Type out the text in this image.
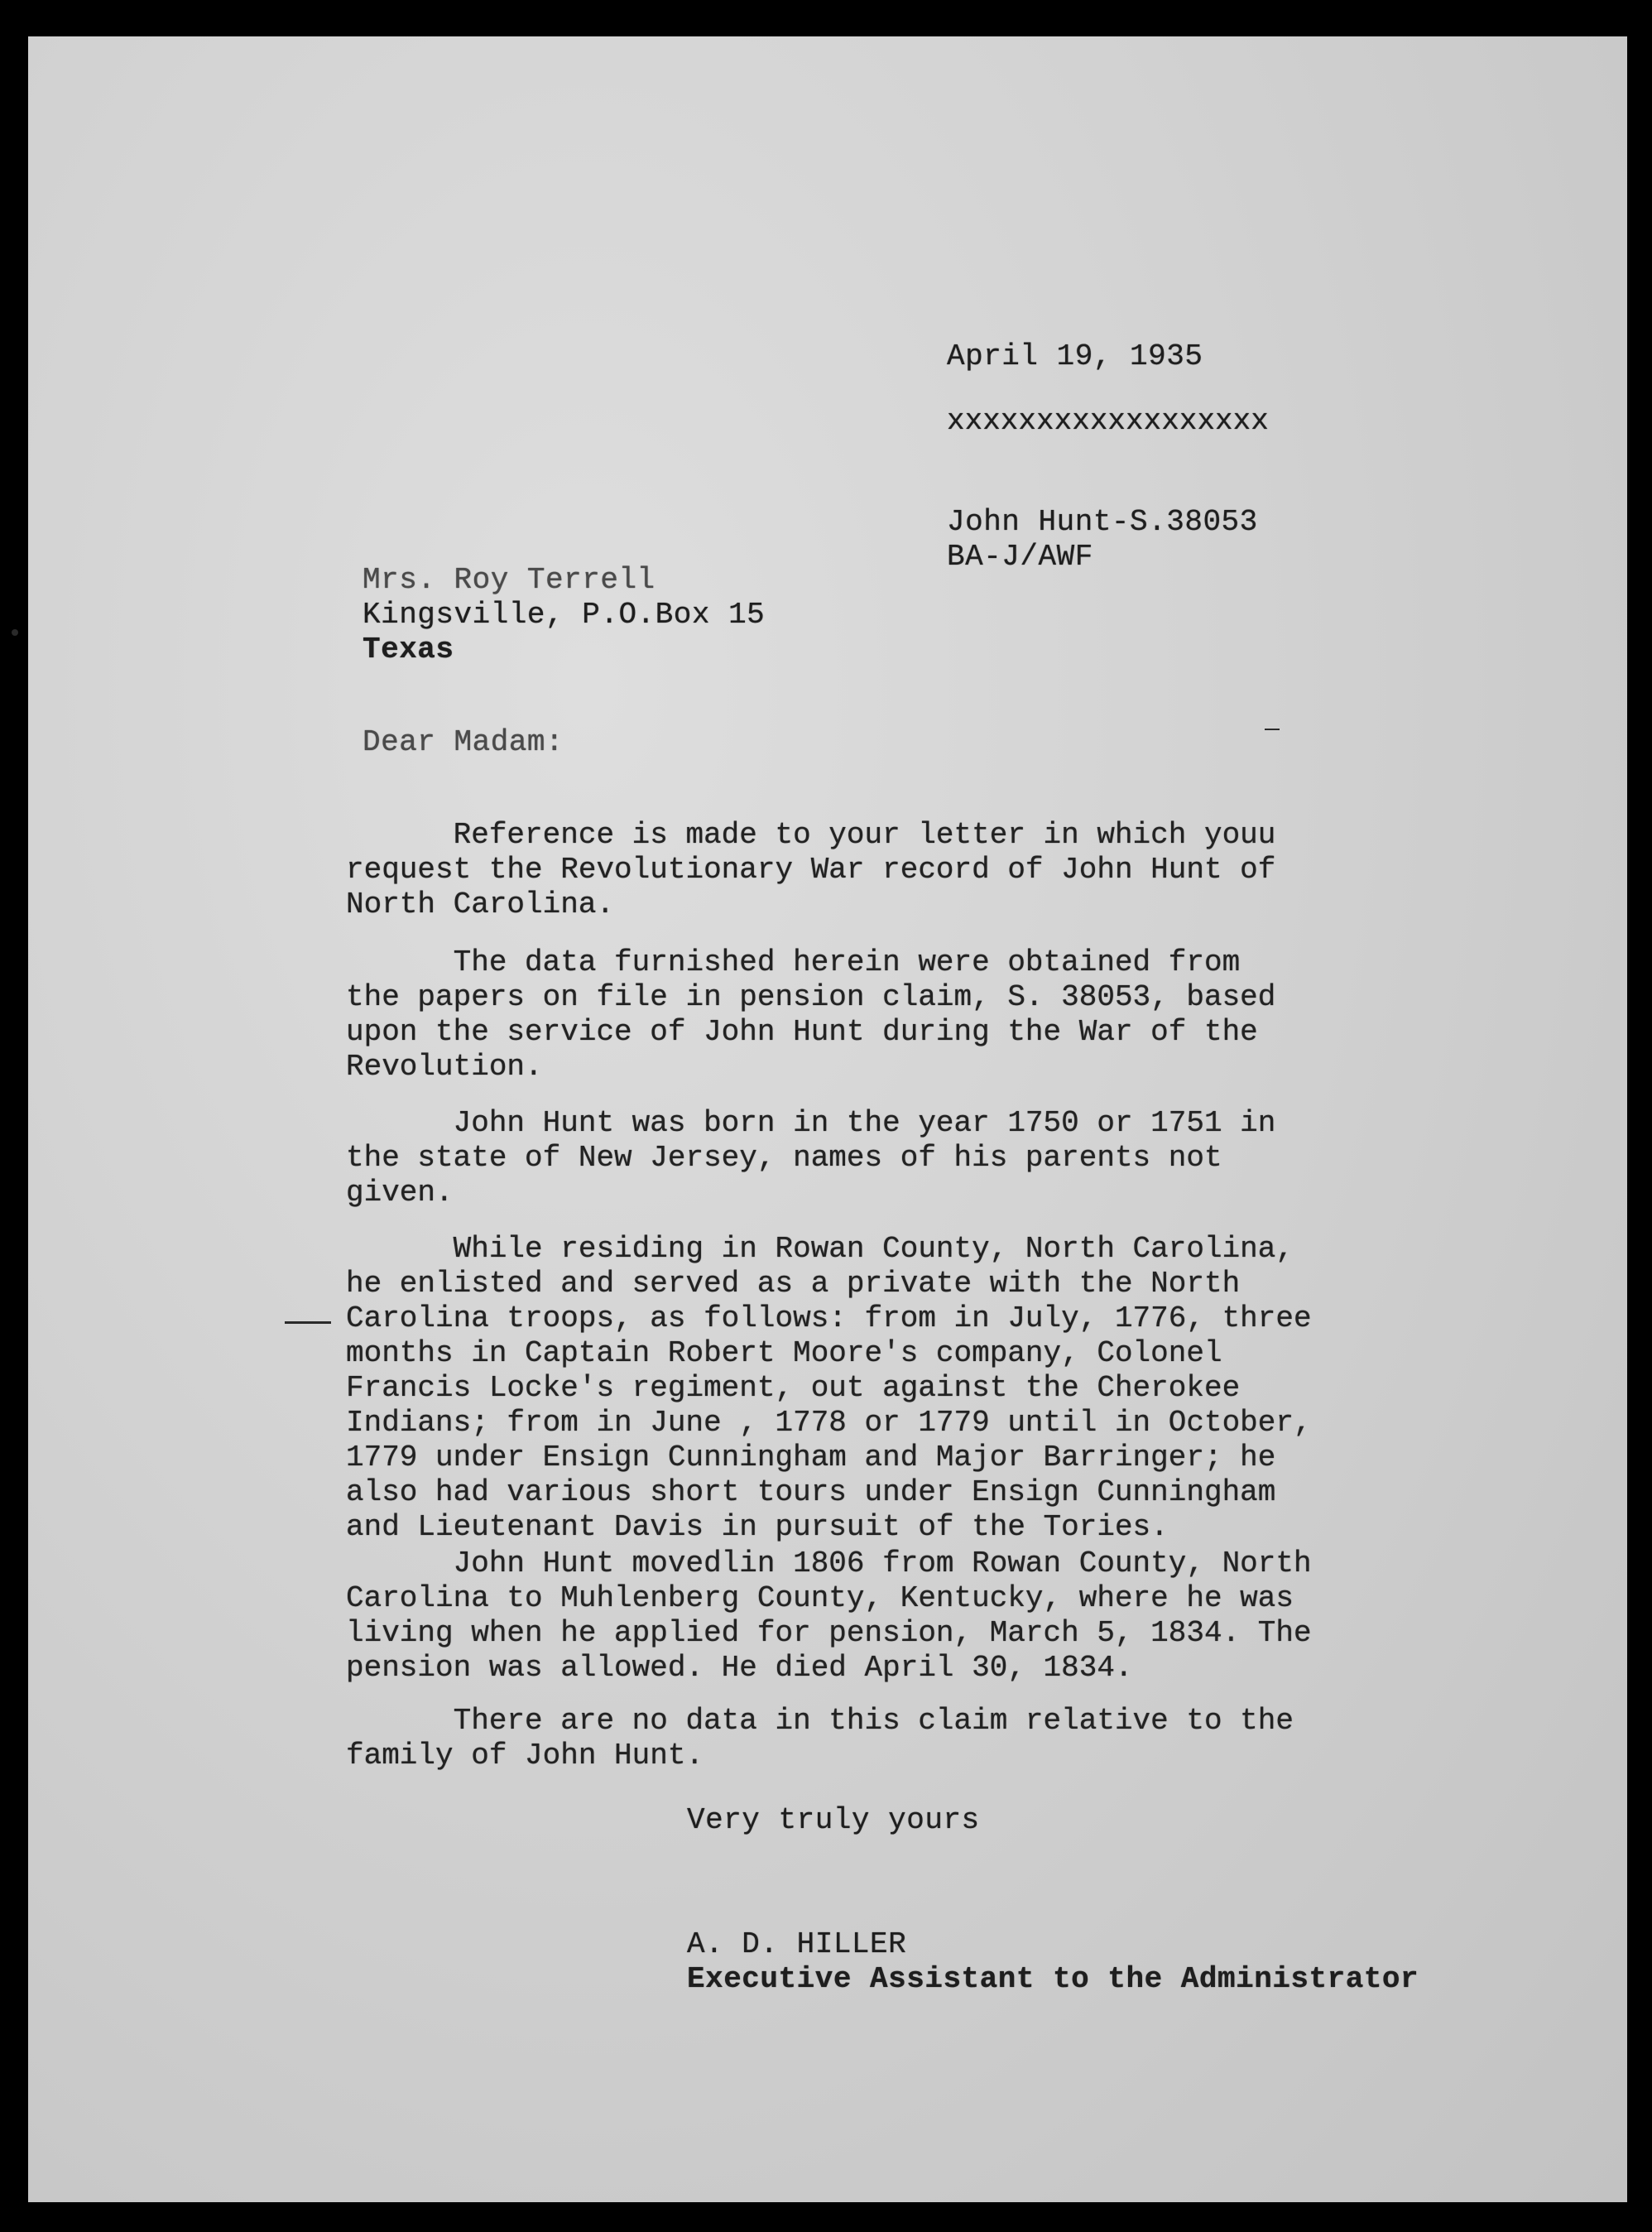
April 19, 1935
xxxxxxxxxxxxxxxxxx
John Hunt-S.38053
BA-J/AWF
Mrs. Roy Terrell
Kingsville, P.O.Box 15
Texas
Dear Madam:
Reference is made to your letter in which youu
request the Revolutionary War record of John Hunt of
North Carolina.
The data furnished herein were obtained from
the papers on file in pension claim, S. 38053, based
upon the service of John Hunt during the War of the
Revolution.
John Hunt was born in the year 1750 or 1751 in
the state of New Jersey, names of his parents not
given.
While residing in Rowan County, North Carolina,
he enlisted and served as a private with the North
Carolina troops, as follows: from in July, 1776, three
months in Captain Robert Moore's company, Colonel
Francis Locke's regiment, out against the Cherokee
Indians; from in June , 1778 or 1779 until in October,
1779 under Ensign Cunningham and Major Barringer; he
also had various short tours under Ensign Cunningham
and Lieutenant Davis in pursuit of the Tories.
John Hunt movedlin 1806 from Rowan County, North
Carolina to Muhlenberg County, Kentucky, where he was
living when he applied for pension, March 5, 1834. The
pension was allowed. He died April 30, 1834.
There are no data in this claim relative to the
family of John Hunt.
Very truly yours
A. D. HILLER
Executive Assistant to the Administrator
